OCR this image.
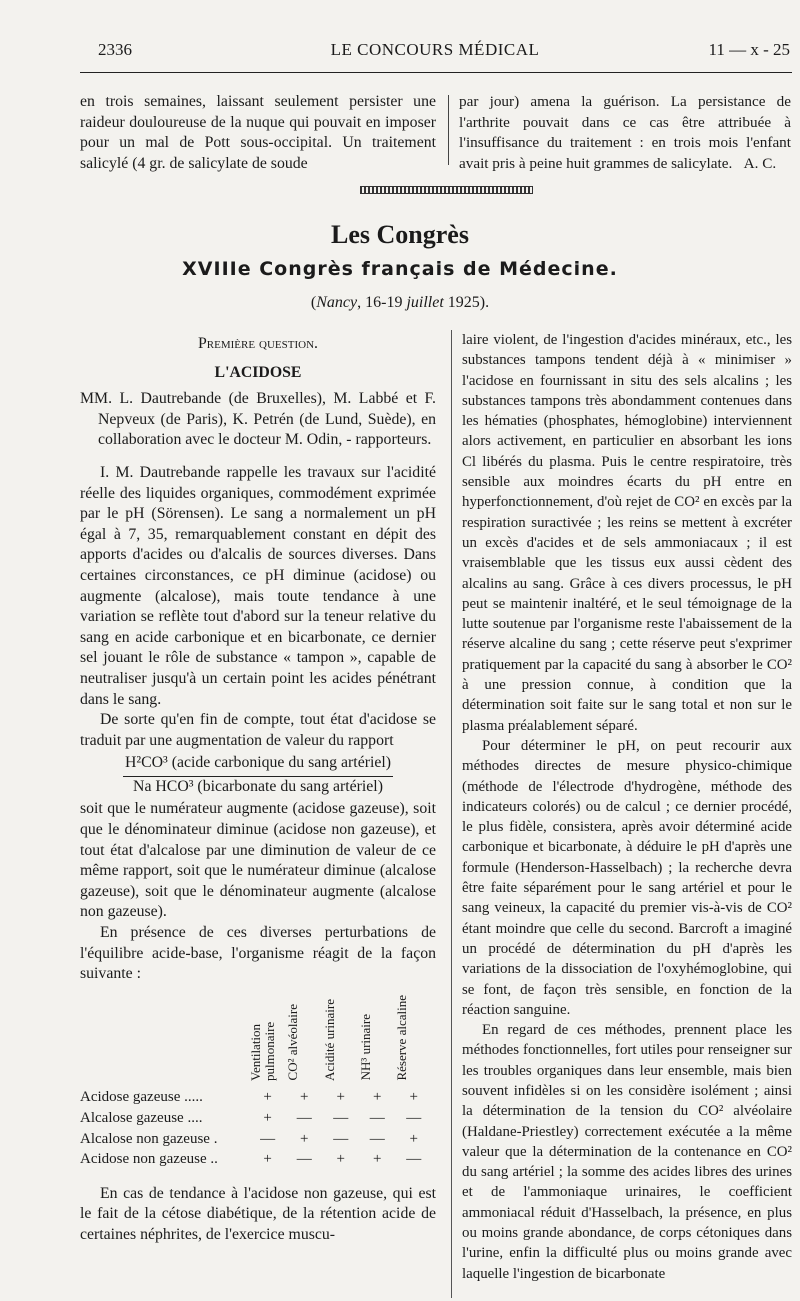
2336	LE CONCOURS MÉDICAL	11 — x - 25

en trois semaines, laissant seulement persister une raideur douloureuse de la nuque qui pouvait en imposer pour un mal de Pott sous-occipital. Un traitement salicylé (4 gr. de salicylate de soude

par jour) amena la guérison. La persistance de l'arthrite pouvait dans ce cas être attribuée à l'insuffisance du traitement : en trois mois l'enfant avait pris à peine huit grammes de salicylate. A. C.

Les Congrès
XVIIIe Congrès français de Médecine.
(Nancy, 16-19 juillet 1925).

Première question.

L'ACIDOSE

MM. L. Dautrebande (de Bruxelles), M. Labbé et F. Nepveux (de Paris), K. Petrén (de Lund, Suède), en collaboration avec le docteur M. Odin, - rapporteurs.

I. M. Dautrebande rappelle les travaux sur l'acidité réelle des liquides organiques, commodément exprimée par le pH (Sörensen). Le sang a normalement un pH égal à 7, 35, remarquablement constant en dépit des apports d'acides ou d'alcalis de sources diverses. Dans certaines circonstances, ce pH diminue (acidose) ou augmente (alcalose), mais toute tendance à une variation se reflète tout d'abord sur la teneur relative du sang en acide carbonique et en bicarbonate, ce dernier sel jouant le rôle de substance « tampon », capable de neutraliser jusqu'à un certain point les acides pénétrant dans le sang.

De sorte qu'en fin de compte, tout état d'acidose se traduit par une augmentation de valeur du rapport

H²CO³ (acide carbonique du sang artériel)
Na HCO³ (bicarbonate du sang artériel)

soit que le numérateur augmente (acidose gazeuse), soit que le dénominateur diminue (acidose non gazeuse), et tout état d'alcalose par une diminution de valeur de ce même rapport, soit que le numérateur diminue (alcalose gazeuse), soit que le dénominateur augmente (alcalose non gazeuse).

En présence de ces diverses perturbations de l'équilibre acide-base, l'organisme réagit de la façon suivante :

	Ventilation pulmonaire	CO² alvéolaire	Acidité urinaire	NH³ urinaire	Réserve alcaline
Acidose gazeuse .....	+	+	+	+	+
Alcalose gazeuse ....	+	—	—	—	—
Alcalose non gazeuse .	—	+	—	—	+
Acidose non gazeuse ..	+	—	+	+	—

En cas de tendance à l'acidose non gazeuse, qui est le fait de la cétose diabétique, de la rétention acide de certaines néphrites, de l'exercice muscu-

laire violent, de l'ingestion d'acides minéraux, etc., les substances tampons tendent déjà à « minimiser » l'acidose en fournissant in situ des sels alcalins ; les substances tampons très abondamment contenues dans les hématies (phosphates, hémoglobine) interviennent alors activement, en particulier en absorbant les ions Cl libérés du plasma. Puis le centre respiratoire, très sensible aux moindres écarts du pH entre en hyperfonctionnement, d'où rejet de CO² en excès par la respiration suractivée ; les reins se mettent à excréter un excès d'acides et de sels ammoniacaux ; il est vraisemblable que les tissus eux aussi cèdent des alcalins au sang. Grâce à ces divers processus, le pH peut se maintenir inaltéré, et le seul témoignage de la lutte soutenue par l'organisme reste l'abaissement de la réserve alcaline du sang ; cette réserve peut s'exprimer pratiquement par la capacité du sang à absorber le CO² à une pression connue, à condition que la détermination soit faite sur le sang total et non sur le plasma préalablement séparé.

Pour déterminer le pH, on peut recourir aux méthodes directes de mesure physico-chimique (méthode de l'électrode d'hydrogène, méthode des indicateurs colorés) ou de calcul ; ce dernier procédé, le plus fidèle, consistera, après avoir déterminé acide carbonique et bicarbonate, à déduire le pH d'après une formule (Henderson-Hasselbach) ; la recherche devra être faite séparément pour le sang artériel et pour le sang veineux, la capacité du premier vis-à-vis de CO² étant moindre que celle du second. Barcroft a imaginé un procédé de détermination du pH d'après les variations de la dissociation de l'oxyhémoglobine, qui se font, de façon très sensible, en fonction de la réaction sanguine.

En regard de ces méthodes, prennent place les méthodes fonctionnelles, fort utiles pour renseigner sur les troubles organiques dans leur ensemble, mais bien souvent infidèles si on les considère isolément ; ainsi la détermination de la tension du CO² alvéolaire (Haldane-Priestley) correctement exécutée a la même valeur que la détermination de la contenance en CO² du sang artériel ; la somme des acides libres des urines et de l'ammoniaque urinaires, le coefficient ammoniacal réduit d'Hasselbach, la présence, en plus ou moins grande abondance, de corps cétoniques dans l'urine, enfin la difficulté plus ou moins grande avec laquelle l'ingestion de bicarbonate
